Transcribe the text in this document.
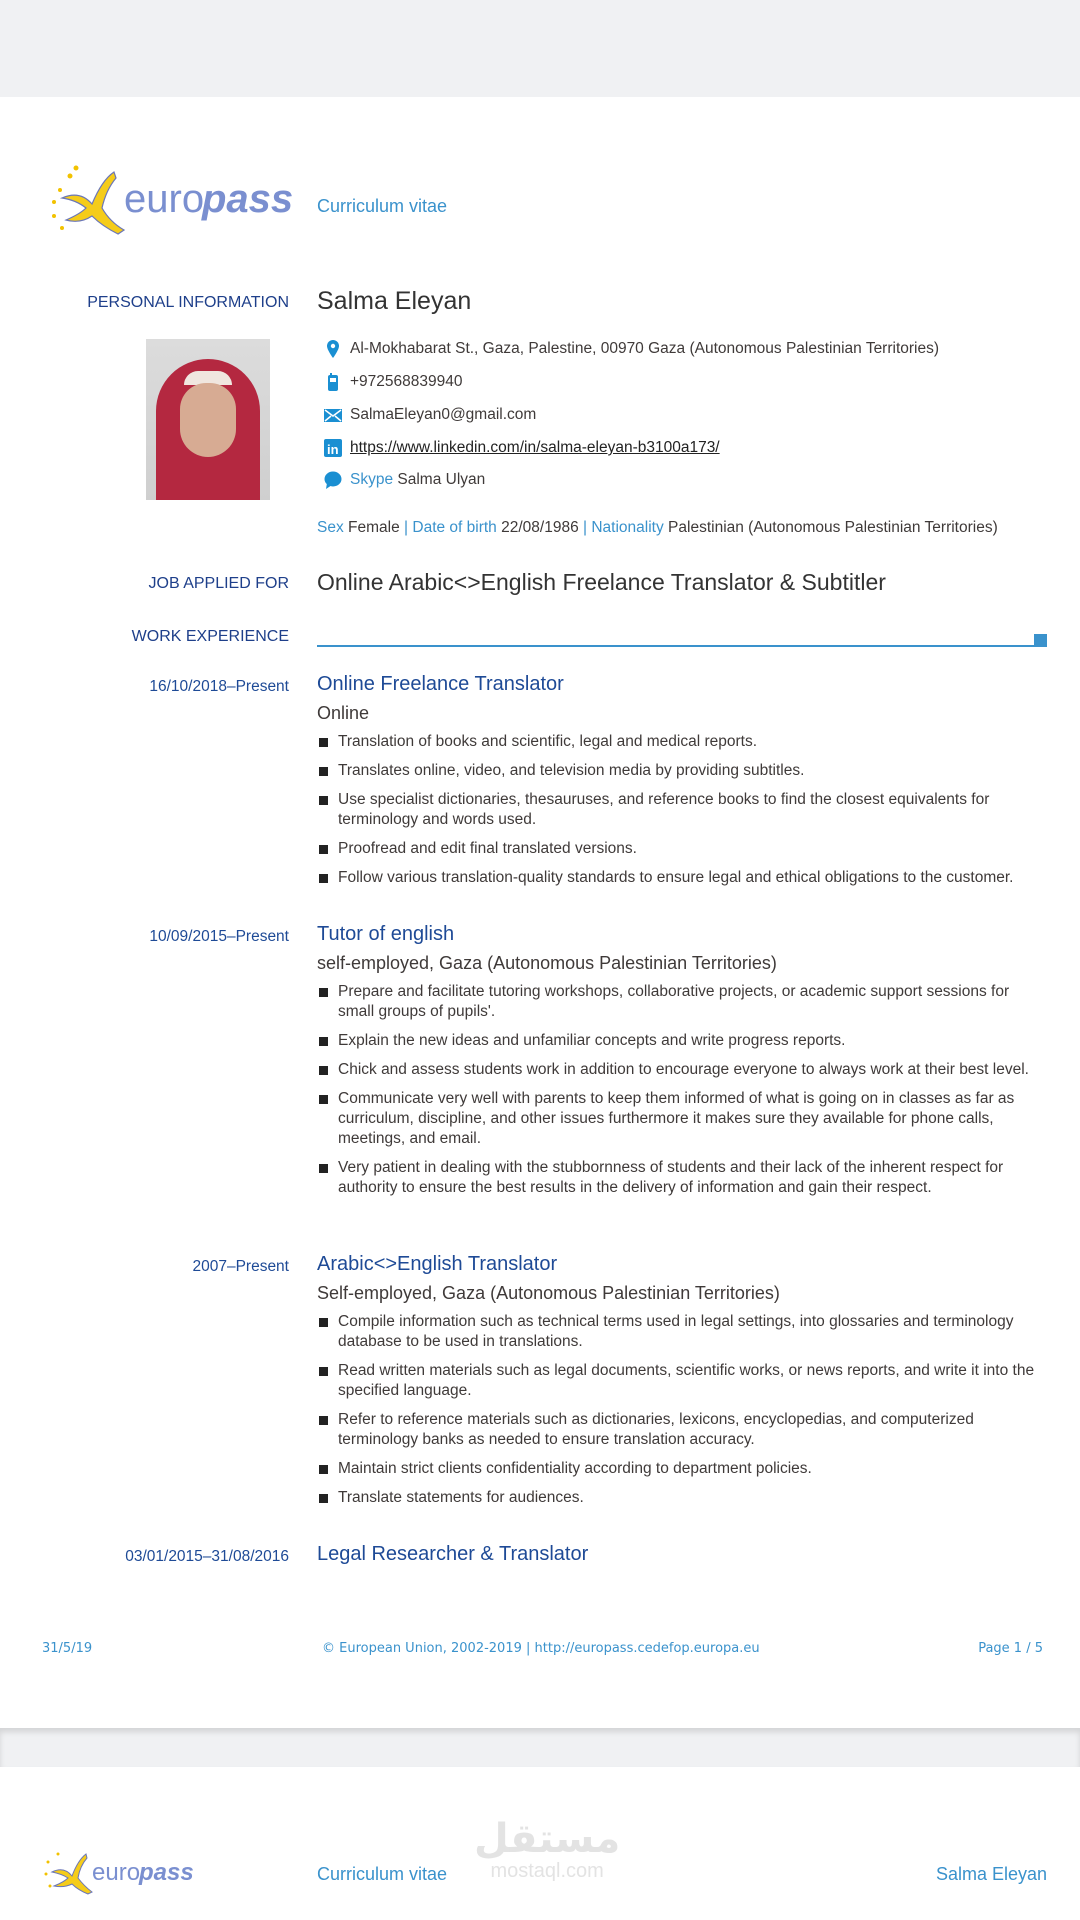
euro
pass Curriculum vitae
PERSONAL INFORMATION Salma Eleyan
Al-Mokhabarat St., Gaza, Palestine, 00970 Gaza (Autonomous Palestinian Territories)
+972568839940
SalmaEleyan0@gmail.com
in https://www.linkedin.com/in/salma-eleyan-b3100a173/
Skype
Salma Ulyan
Sex Female | Date of birth 22/08/1986 | Nationality Palestinian (Autonomous Palestinian Territories)
JOB APPLIED FOR Online Arabic<>English Freelance Translator & Subtitler
WORK EXPERIENCE
16/10/2018–Present Online Freelance Translator
Online
Translation of books and scientific, legal and medical reports.
Translates online, video, and television media by providing subtitles.
Use specialist dictionaries, thesauruses, and reference books to find the closest equivalents for terminology and words used.
Proofread and edit final translated versions.
Follow various translation-quality standards to ensure legal and ethical obligations to the customer.
10/09/2015–Present Tutor of english
self-employed, Gaza (Autonomous Palestinian Territories)
Prepare and facilitate tutoring workshops, collaborative projects, or academic support sessions for small groups of pupils'.
Explain the new ideas and unfamiliar concepts and write progress reports.
Chick and assess students work in addition to encourage everyone to always work at their best level.
Communicate very well with parents to keep them informed of what is going on in classes as far as curriculum, discipline, and other issues furthermore it makes sure they available for phone calls, meetings, and email.
Very patient in dealing with the stubbornness of students and their lack of the inherent respect for authority to ensure the best results in the delivery of information and gain their respect.
2007–Present Arabic<>English Translator
Self-employed, Gaza (Autonomous Palestinian Territories)
Compile information such as technical terms used in legal settings, into glossaries and terminology database to be used in translations.
Read written materials such as legal documents, scientific works, or news reports, and write it into the specified language.
Refer to reference materials such as dictionaries, lexicons, encyclopedias, and computerized terminology banks as needed to ensure translation accuracy.
Maintain strict clients confidentiality according to department policies.
Translate statements for audiences.
03/01/2015–31/08/2016 Legal Researcher & Translator
31/5/19	© European Union, 2002-2019 | http://europass.cedefop.europa.eu	Page 1 / 5
euro
pass	Curriculum vitae
مستقل
mostaql.com	Salma Eleyan
